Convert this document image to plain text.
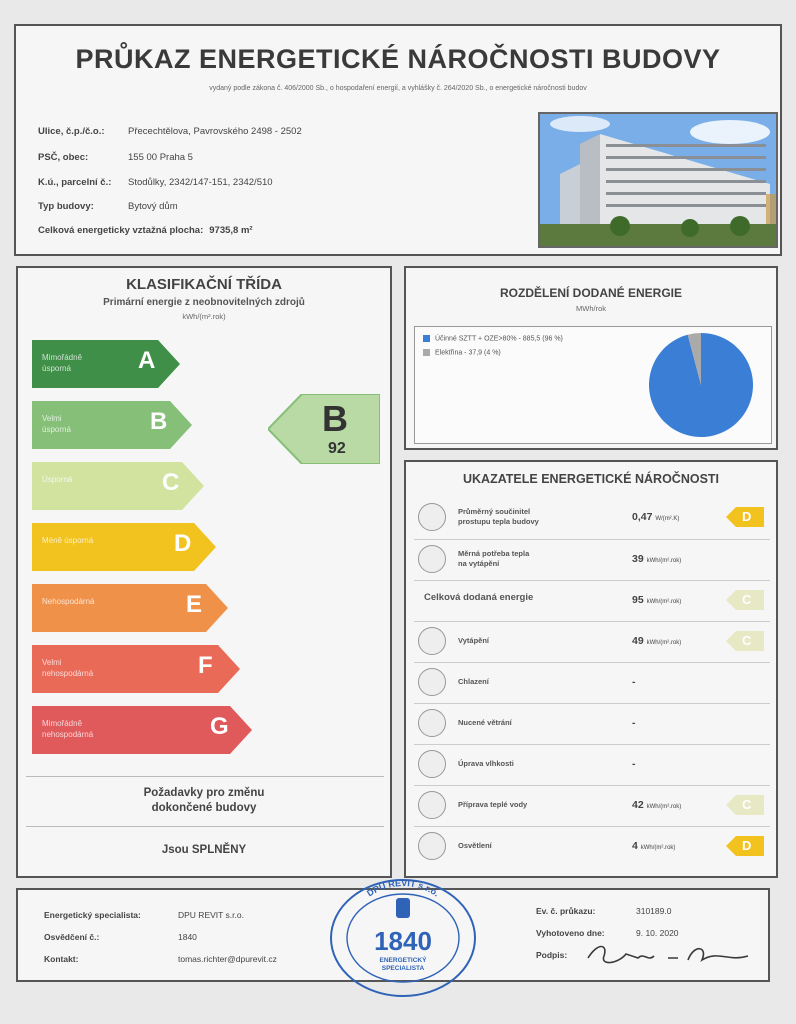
PRŮKAZ ENERGETICKÉ NÁROČNOSTI BUDOVY
vydaný podle zákona č. 406/2000 Sb., o hospodaření energií, a vyhlášky č. 264/2020 Sb., o energetické náročnosti budov
Ulice, č.p./č.o.: Přecechtělova, Pavrovského 2498 - 2502
PSČ, obec:	155 00 Praha 5
K.ú., parcelní č.: Stodůlky, 2342/147-151, 2342/510
Typ budovy:	Bytový dům
Celková energeticky vztažná plocha: 9735,8 m²
KLASIFIKAČNÍ TŘÍDA
Primární energie z neobnovitelných zdrojů
kWh/(m².rok)
Mimořádně
úsporná	A
Velmi
úsporná	B
Úsporná	C
Méně úsporná	D
Nehospodárná	E
Velmi
nehospodárná	F
Mimořádně
nehospodárná	G
B
92
Požadavky pro změnu
dokončené budovy
Jsou SPLNĚNY
ROZDĚLENÍ DODANÉ ENERGIE
MWh/rok
Účinné SZTT + OZE>80% - 885,5 (96 %)
Elektřina - 37,9 (4 %)
UKAZATELE ENERGETICKÉ NÁROČNOSTI
Průměrný součinitel
prostupu tepla budovy	0,47 W/(m².K)	D
Měrná potřeba tepla
na vytápění	39 kWh/(m².rok)
Celková dodaná energie	95 kWh/(m².rok)	C
Vytápění	49 kWh/(m².rok)	C
Chlazení	-
Nucené větrání	-
Úprava vlhkosti	-
Příprava teplé vody	42 kWh/(m².rok)	C
Osvětlení	4 kWh/(m².rok)	D
Energetický specialista:	DPU REVIT s.r.o.
Osvědčení č.:	1840
Kontakt:	tomas.richter@dpurevit.cz
Ev. č. průkazu:	310189.0
Vyhotoveno dne:	9. 10. 2020
Podpis:
DPU REVIT s.r.o.
1840
ENERGETICKÝ
SPECIALISTA
